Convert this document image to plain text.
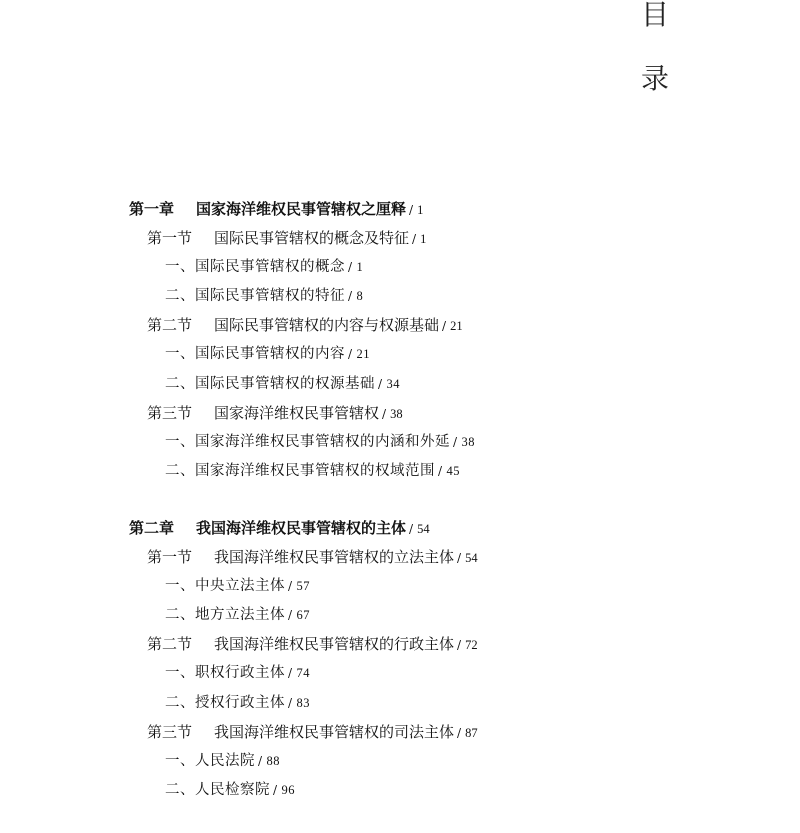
目
录
第一章 国家海洋维权民事管辖权之厘释 / 1
第一节 国际民事管辖权的概念及特征 / 1
一、国际民事管辖权的概念 / 1
二、国际民事管辖权的特征 / 8
第二节 国际民事管辖权的内容与权源基础 / 21
一、国际民事管辖权的内容 / 21
二、国际民事管辖权的权源基础 / 34
第三节 国家海洋维权民事管辖权 / 38
一、国家海洋维权民事管辖权的内涵和外延 / 38
二、国家海洋维权民事管辖权的权域范围 / 45
第二章 我国海洋维权民事管辖权的主体 / 54
第一节 我国海洋维权民事管辖权的立法主体 / 54
一、中央立法主体 / 57
二、地方立法主体 / 67
第二节 我国海洋维权民事管辖权的行政主体 / 72
一、职权行政主体 / 74
二、授权行政主体 / 83
第三节 我国海洋维权民事管辖权的司法主体 / 87
一、人民法院 / 88
二、人民检察院 / 96
